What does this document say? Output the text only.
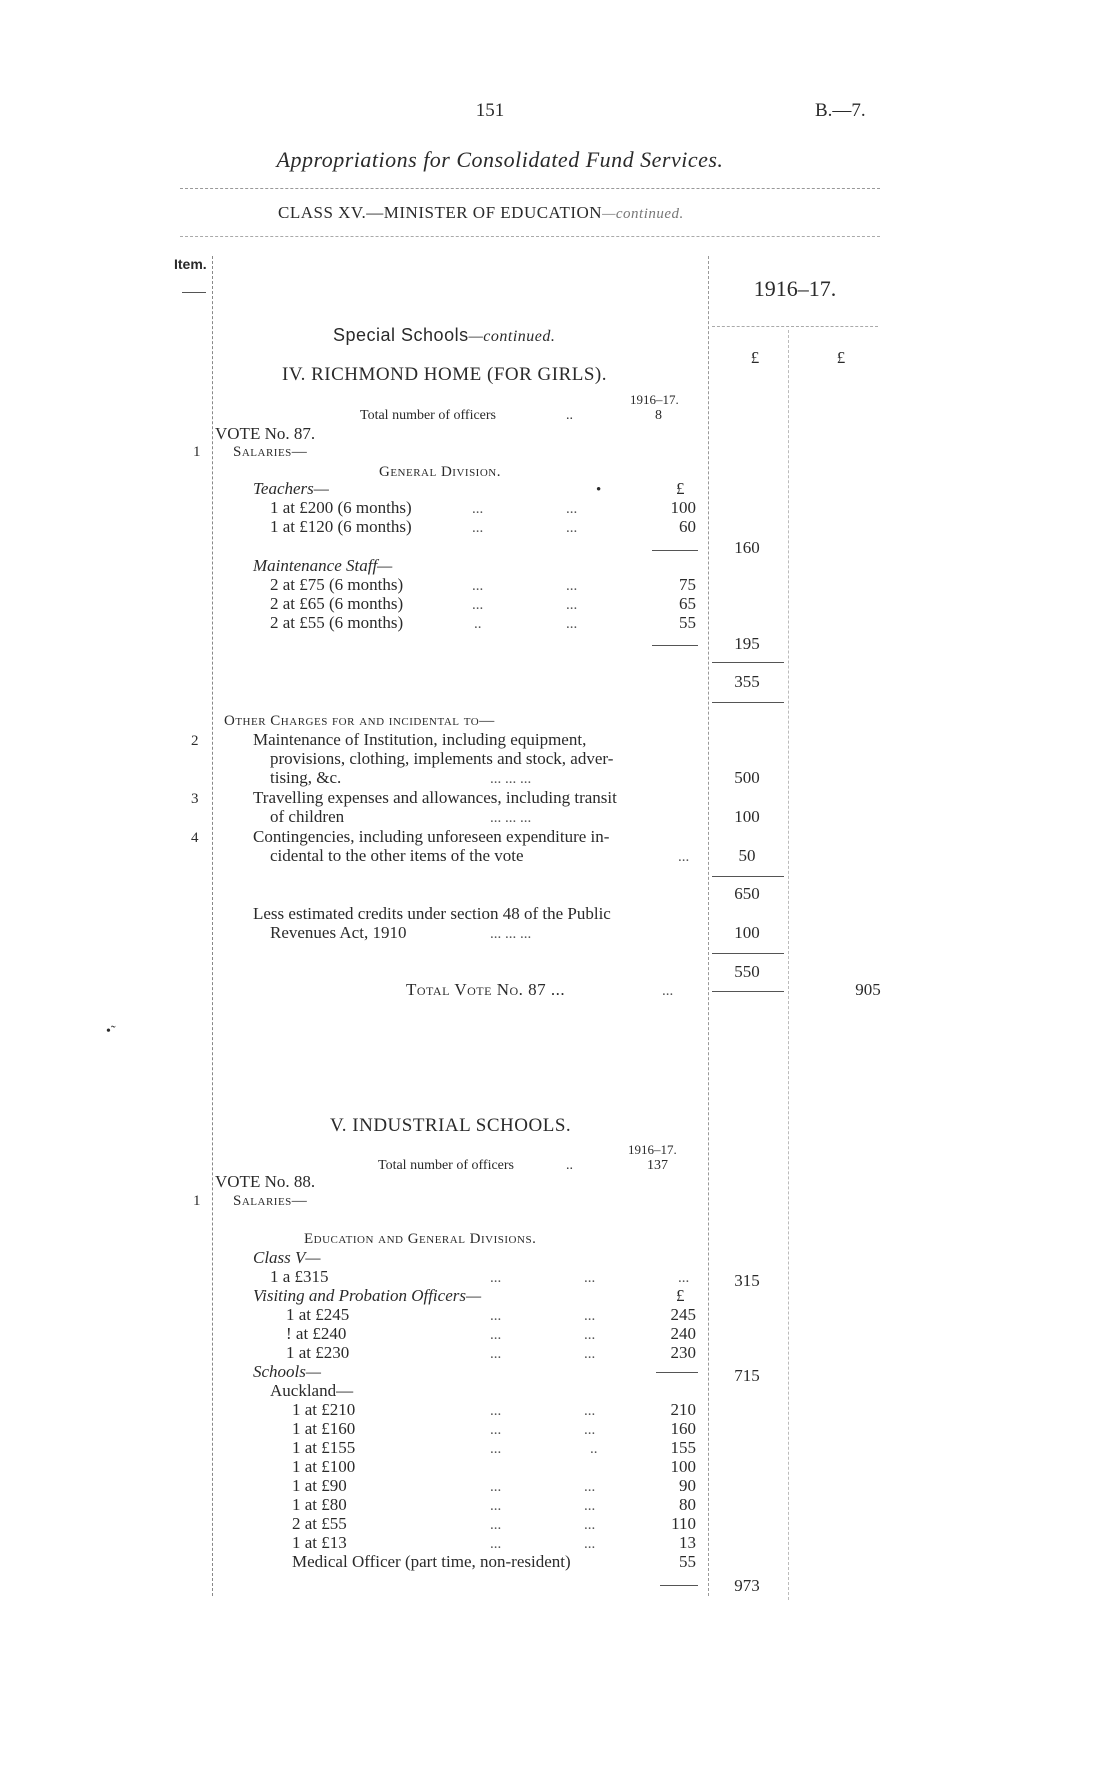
151	B.—7.
Appropriations for Consolidated Fund Services.
CLASS XV.—MINISTER OF EDUCATION—continued.
Item.
1916–17.
£	£
Special Schools—continued.
IV. RICHMOND HOME (FOR GIRLS).
1916–17.
Total number of officers	..	8
VOTE No. 87.
1 Salaries—
General Division.
Teachers—	•	£
1 at £200 (6 months)	...	...	100
1 at £120 (6 months)	...	...	60
160
Maintenance Staff—
2 at £75 (6 months)	...	...	75
2 at £65 (6 months)	...	...	65
2 at £55 (6 months)	..	...	55
195
355
Other Charges for and incidental to—
2	Maintenance of Institution, including equipment,
provisions, clothing, implements and stock, adver-
tising, &c.	... ... ...	500
3	Travelling expenses and allowances, including transit
of children	... ... ...	100
4	Contingencies, including unforeseen expenditure in-
cidental to the other items of the vote	...	50
650
Less estimated credits under section 48 of the Public
Revenues Act, 1910	... ... ...	100
550
Total Vote No. 87 ...	...	905
•̃
V. INDUSTRIAL SCHOOLS.
1916–17.
Total number of officers	..	137
VOTE No. 88.
1 Salaries—
Education and General Divisions.
Class V—
1 a £315	...	...	...	315
Visiting and Probation Officers—	£
1 at £245	...	...	245
! at £240	...	...	240
1 at £230	...	...	230
Schools—	715
Auckland—
1 at £210	...	...	210
1 at £160	...	...	160
1 at £155	...	..	155
1 at £100	100
1 at £90	...	...	90
1 at £80	...	...	80
2 at £55	...	...	110
1 at £13	...	...	13
Medical Officer (part time, non-resident)	55
973
